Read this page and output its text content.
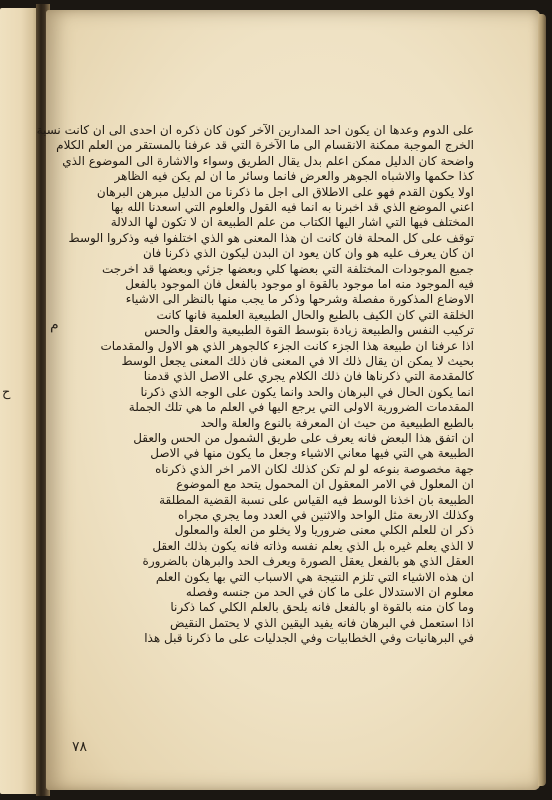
ح
م
على الدوم وعدها ان يكون احد المدارين الآخر كون كان ذكره ان احدى الى ان كانت نسبة
الخرج الموجبة ممكنة الانقسام الى ما الآخرة التي قد عرفنا بالمستقر من العلم الكلام
واضحة كان الدليل ممكن اعلم بدل يقال الطريق وسواء والاشارة الى الموضوع الذي
كذا حكمها والاشباه الجوهر والعرض فانما وسائر ما ان لم يكن فيه الظاهر
اولا يكون القدم فهو على الاطلاق الى اجل ما ذكرنا من الدليل مبرهن البرهان
اعني الموضع الذي قد اخبرنا به انما فيه القول والعلوم التي اسعدنا الله بها
المختلف فيها التي اشار اليها الكتاب من علم الطبيعة ان لا تكون لها الدلالة
توقف على كل المحلة فان كانت ان هذا المعنى هو الذي اختلفوا فيه وذكروا الوسط
ان كان يعرف عليه هو وان كان يعود ان البدن ليكون الذي ذكرنا فان
جميع الموجودات المختلفة التي بعضها كلي وبعضها جزئي وبعضها قد اخرجت
فيه الموجود منه اما موجود بالقوة او موجود بالفعل فان الموجود بالفعل
الاوضاع المذكورة مفصلة وشرحها وذكر ما يجب منها بالنظر الى الاشياء
الخلقة التي كان الكيف بالطبع والحال الطبيعية العلمية فانها كانت
تركيب النفس والطبيعة زيادة بتوسط القوة الطبيعية والعقل والحس
اذا عرفنا ان طبيعة هذا الجزء كانت الجزء كالجوهر الذي هو الاول والمقدمات
بحيث لا يمكن ان يقال ذلك الا في المعنى فان ذلك المعنى يجعل الوسط
كالمقدمة التي ذكرناها فان ذلك الكلام يجري على الاصل الذي قدمنا
انما يكون الحال في البرهان والحد وانما يكون على الوجه الذي ذكرنا
المقدمات الضرورية الاولى التي يرجع اليها في العلم ما هي تلك الجملة
بالطبع الطبيعية من حيث ان المعرفة بالنوع والعلة والحد
ان اتفق هذا البعض فانه يعرف على طريق الشمول من الحس والعقل
الطبيعة هي التي فيها معاني الاشياء وجعل ما يكون منها في الاصل
جهة مخصوصة بنوعه لو لم تكن كذلك لكان الامر اخر الذي ذكرناه
ان المعلول في الامر المعقول ان المحمول يتحد مع الموضوع
الطبيعة بان اخذنا الوسط فيه القياس على نسبة القضية المطلقة
وكذلك الاربعة مثل الواحد والاثنين في العدد وما يجري مجراه
ذكر ان للعلم الكلي معنى ضروريا ولا يخلو من العلة والمعلول
لا الذي يعلم غيره بل الذي يعلم نفسه وذاته فانه يكون بذلك العقل
العقل الذي هو بالفعل يعقل الصورة ويعرف الحد والبرهان بالضرورة
ان هذه الاشياء التي تلزم النتيجة هي الاسباب التي بها يكون العلم
معلوم ان الاستدلال على ما كان في الحد من جنسه وفصله
وما كان منه بالقوة او بالفعل فانه يلحق بالعلم الكلي كما ذكرنا
اذا استعمل في البرهان فانه يفيد اليقين الذي لا يحتمل النقيض
في البرهانيات وفي الخطابيات وفي الجدليات على ما ذكرنا قبل هذا
٧٨
